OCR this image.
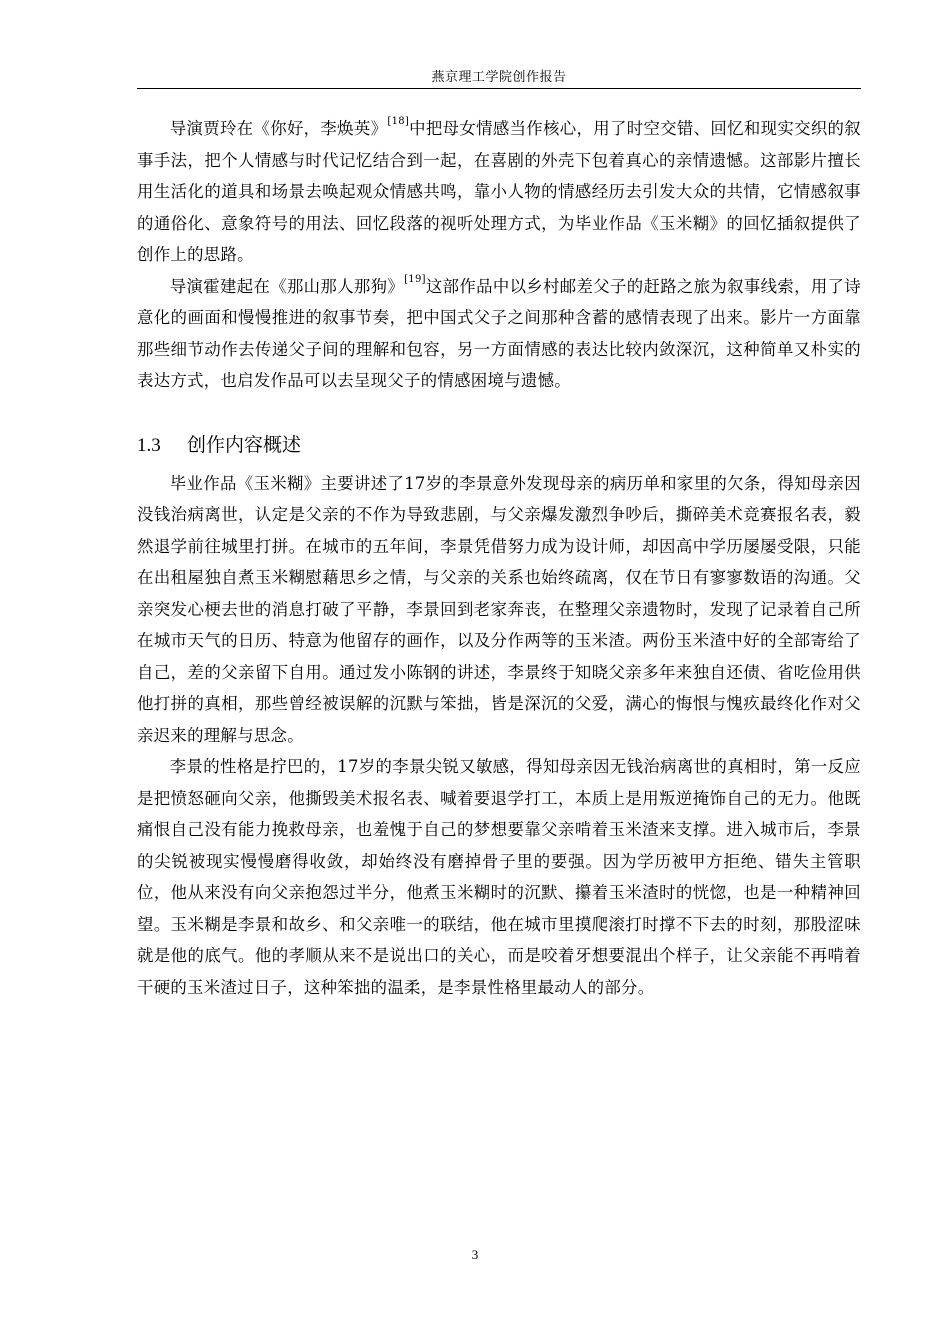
燕京理工学院创作报告

导演贾玲在《你好，李焕英》[18]中把母女情感当作核心，用了时空交错、回忆和现实交织的叙事手法，把个人情感与时代记忆结合到一起，在喜剧的外壳下包着真心的亲情遗憾。这部影片擅长用生活化的道具和场景去唤起观众情感共鸣，靠小人物的情感经历去引发大众的共情，它情感叙事的通俗化、意象符号的用法、回忆段落的视听处理方式，为毕业作品《玉米糊》的回忆插叙提供了创作上的思路。

导演霍建起在《那山那人那狗》[19]这部作品中以乡村邮差父子的赶路之旅为叙事线索，用了诗意化的画面和慢慢推进的叙事节奏，把中国式父子之间那种含蓄的感情表现了出来。影片一方面靠那些细节动作去传递父子间的理解和包容，另一方面情感的表达比较内敛深沉，这种简单又朴实的表达方式，也启发作品可以去呈现父子的情感困境与遗憾。

1.3 创作内容概述

毕业作品《玉米糊》主要讲述了17岁的李景意外发现母亲的病历单和家里的欠条，得知母亲因没钱治病离世，认定是父亲的不作为导致悲剧，与父亲爆发激烈争吵后，撕碎美术竞赛报名表，毅然退学前往城里打拼。在城市的五年间，李景凭借努力成为设计师，却因高中学历屡屡受限，只能在出租屋独自煮玉米糊慰藉思乡之情，与父亲的关系也始终疏离，仅在节日有寥寥数语的沟通。父亲突发心梗去世的消息打破了平静，李景回到老家奔丧，在整理父亲遗物时，发现了记录着自己所在城市天气的日历、特意为他留存的画作，以及分作两等的玉米渣。两份玉米渣中好的全部寄给了自己，差的父亲留下自用。通过发小陈钢的讲述，李景终于知晓父亲多年来独自还债、省吃俭用供他打拼的真相，那些曾经被误解的沉默与笨拙，皆是深沉的父爱，满心的悔恨与愧疚最终化作对父亲迟来的理解与思念。

李景的性格是拧巴的，17岁的李景尖锐又敏感，得知母亲因无钱治病离世的真相时，第一反应是把愤怒砸向父亲，他撕毁美术报名表、喊着要退学打工，本质上是用叛逆掩饰自己的无力。他既痛恨自己没有能力挽救母亲，也羞愧于自己的梦想要靠父亲啃着玉米渣来支撑。进入城市后，李景的尖锐被现实慢慢磨得收敛，却始终没有磨掉骨子里的要强。因为学历被甲方拒绝、错失主管职位，他从来没有向父亲抱怨过半分，他煮玉米糊时的沉默、攥着玉米渣时的恍惚，也是一种精神回望。玉米糊是李景和故乡、和父亲唯一的联结，他在城市里摸爬滚打时撑不下去的时刻，那股涩味就是他的底气。他的孝顺从来不是说出口的关心，而是咬着牙想要混出个样子，让父亲能不再啃着干硬的玉米渣过日子，这种笨拙的温柔，是李景性格里最动人的部分。

3
